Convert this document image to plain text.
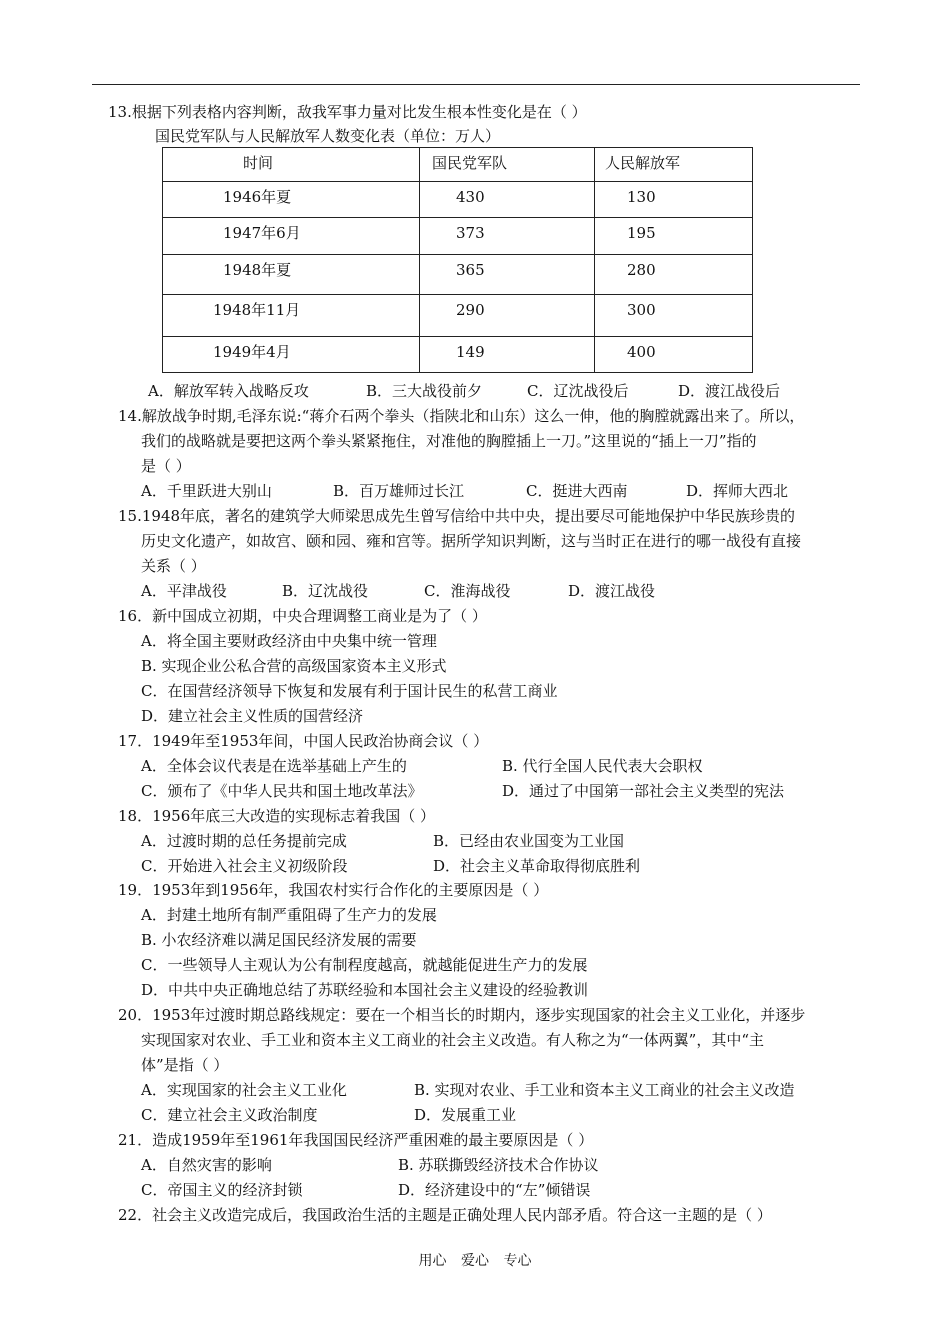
13.根据下列表格内容判断，敌我军事力量对比发生根本性变化是在（ ）
国民党军队与人民解放军人数变化表（单位：万人）
时间	国民党军队	人民解放军

1946年夏	430	130

1947年6月	373	195

1948年夏	365	280

1948年11月	290	300

1949年4月	149	400
A．解放军转入战略反攻	B．三大战役前夕	C．辽沈战役后	D．渡江战役后
14.解放战争时期,毛泽东说:“蒋介石两个拳头（指陕北和山东）这么一伸，他的胸膛就露出来了。所以，
我们的战略就是要把这两个拳头紧紧拖住，对准他的胸膛插上一刀。”这里说的“插上一刀”指的
是（ ）
A．千里跃进大别山	B．百万雄师过长江	C．挺进大西南	D．挥师大西北
15.1948年底，著名的建筑学大师梁思成先生曾写信给中共中央，提出要尽可能地保护中华民族珍贵的
历史文化遗产，如故宫、颐和园、雍和宫等。据所学知识判断，这与当时正在进行的哪一战役有直接
关系（ ）
A．平津战役	B．辽沈战役	C．淮海战役	D．渡江战役
16．新中国成立初期，中央合理调整工商业是为了（ ）
A．将全国主要财政经济由中央集中统一管理
B. 实现企业公私合营的高级国家资本主义形式
C．在国营经济领导下恢复和发展有利于国计民生的私营工商业
D．建立社会主义性质的国营经济
17．1949年至1953年间，中国人民政治协商会议（ ）
A．全体会议代表是在选举基础上产生的	B. 代行全国人民代表大会职权
C．颁布了《中华人民共和国土地改革法》	D．通过了中国第一部社会主义类型的宪法
18．1956年底三大改造的实现标志着我国（ ）
A．过渡时期的总任务提前完成	B．已经由农业国变为工业国
C．开始进入社会主义初级阶段	D．社会主义革命取得彻底胜利
19．1953年到1956年，我国农村实行合作化的主要原因是（ ）
A．封建土地所有制严重阻碍了生产力的发展
B. 小农经济难以满足国民经济发展的需要
C．一些领导人主观认为公有制程度越高，就越能促进生产力的发展
D．中共中央正确地总结了苏联经验和本国社会主义建设的经验教训
20．1953年过渡时期总路线规定：要在一个相当长的时期内，逐步实现国家的社会主义工业化，并逐步
实现国家对农业、手工业和资本主义工商业的社会主义改造。有人称之为“一体两翼”，其中“主
体”是指（ ）
A．实现国家的社会主义工业化	B. 实现对农业、手工业和资本主义工商业的社会主义改造
C．建立社会主义政治制度	D．发展重工业
21．造成1959年至1961年我国国民经济严重困难的最主要原因是（ ）
A．自然灾害的影响	B. 苏联撕毁经济技术合作协议
C．帝国主义的经济封锁	D．经济建设中的“左”倾错误
22．社会主义改造完成后，我国政治生活的主题是正确处理人民内部矛盾。符合这一主题的是（ ）
用心 爱心 专心
